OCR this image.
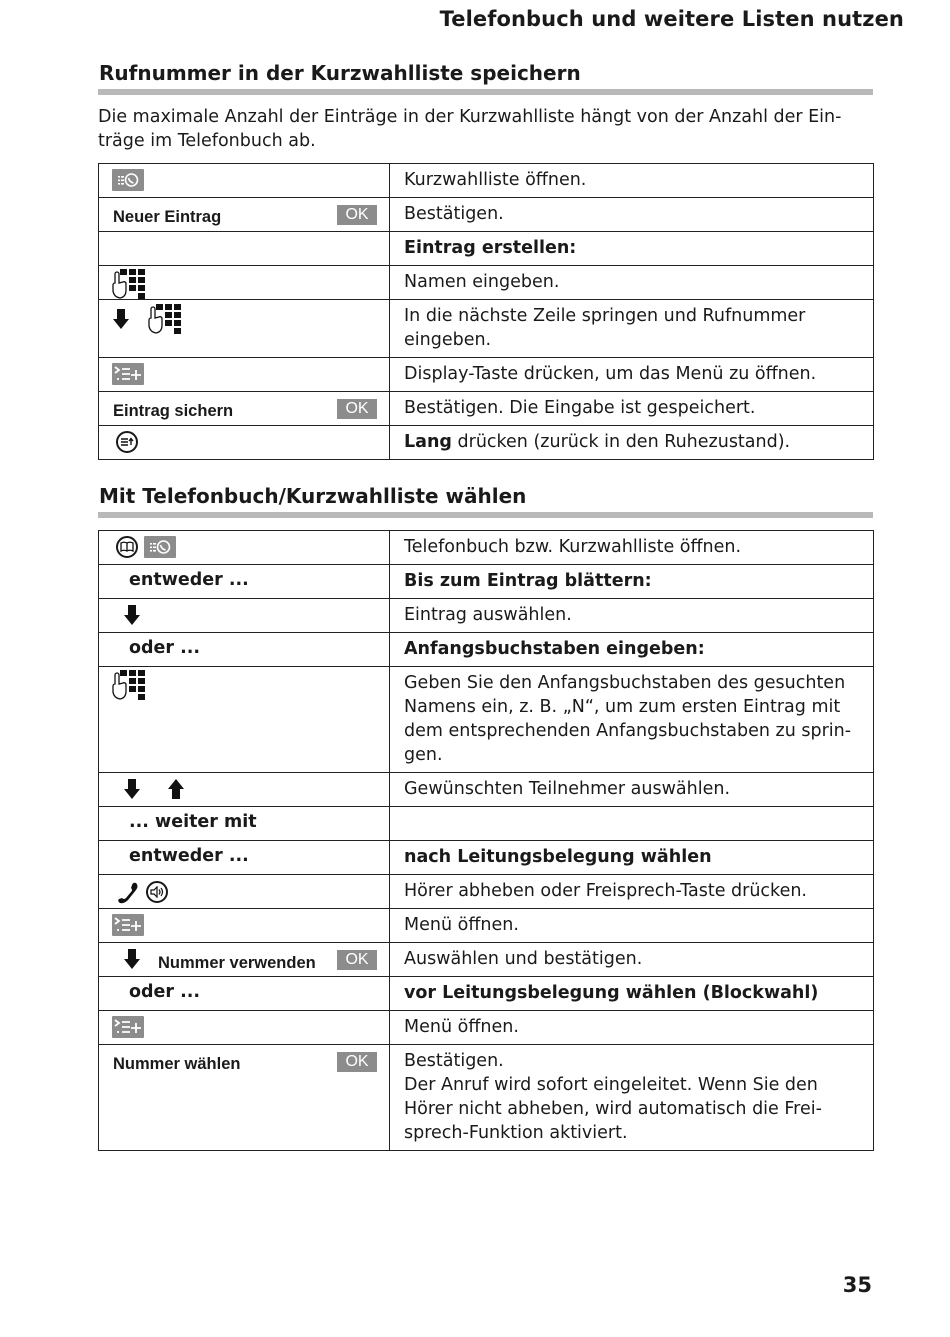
Telefonbuch und weitere Listen nutzen
Rufnummer in der Kurzwahlliste speichern

Die maximale Anzahl der Einträge in der Kurzwahlliste hängt von der Anzahl der Ein-träge im Telefonbuch ab.

	Kurzwahlliste öffnen.

Neuer Eintrag OK	Bestätigen.
	Eintrag erstellen:

	Namen eingeben.

	In die nächste Zeile springen und Rufnummer eingeben.

	Display-Taste drücken, um das Menü zu öffnen.

Eintrag sichern OK	Bestätigen. Die Eingabe ist gespeichert.

	Lang drücken (zurück in den Ruhezustand).
Mit Telefonbuch/Kurzwahlliste wählen
	Telefonbuch bzw. Kurzwahlliste öffnen.

entweder ...	Bis zum Eintrag blättern:

	Eintrag auswählen.

oder ...	Anfangsbuchstaben eingeben:

	Geben Sie den Anfangsbuchstaben des gesuchten Namens ein, z. B. „N“, um zum ersten Eintrag mit dem entsprechenden Anfangsbuchstaben zu sprin-gen.

	Gewünschten Teilnehmer auswählen.

... weiter mit	

entweder ...	nach Leitungsbelegung wählen

	Hörer abheben oder Freisprech-Taste drücken.

	Menü öffnen.

Nummer verwenden OK	Auswählen und bestätigen.

oder ...	vor Leitungsbelegung wählen (Blockwahl)

	Menü öffnen.

Nummer wählen OK	Bestätigen.
Der Anruf wird sofort eingeleitet. Wenn Sie den Hörer nicht abheben, wird automatisch die Frei-sprech-Funktion aktiviert.
35
